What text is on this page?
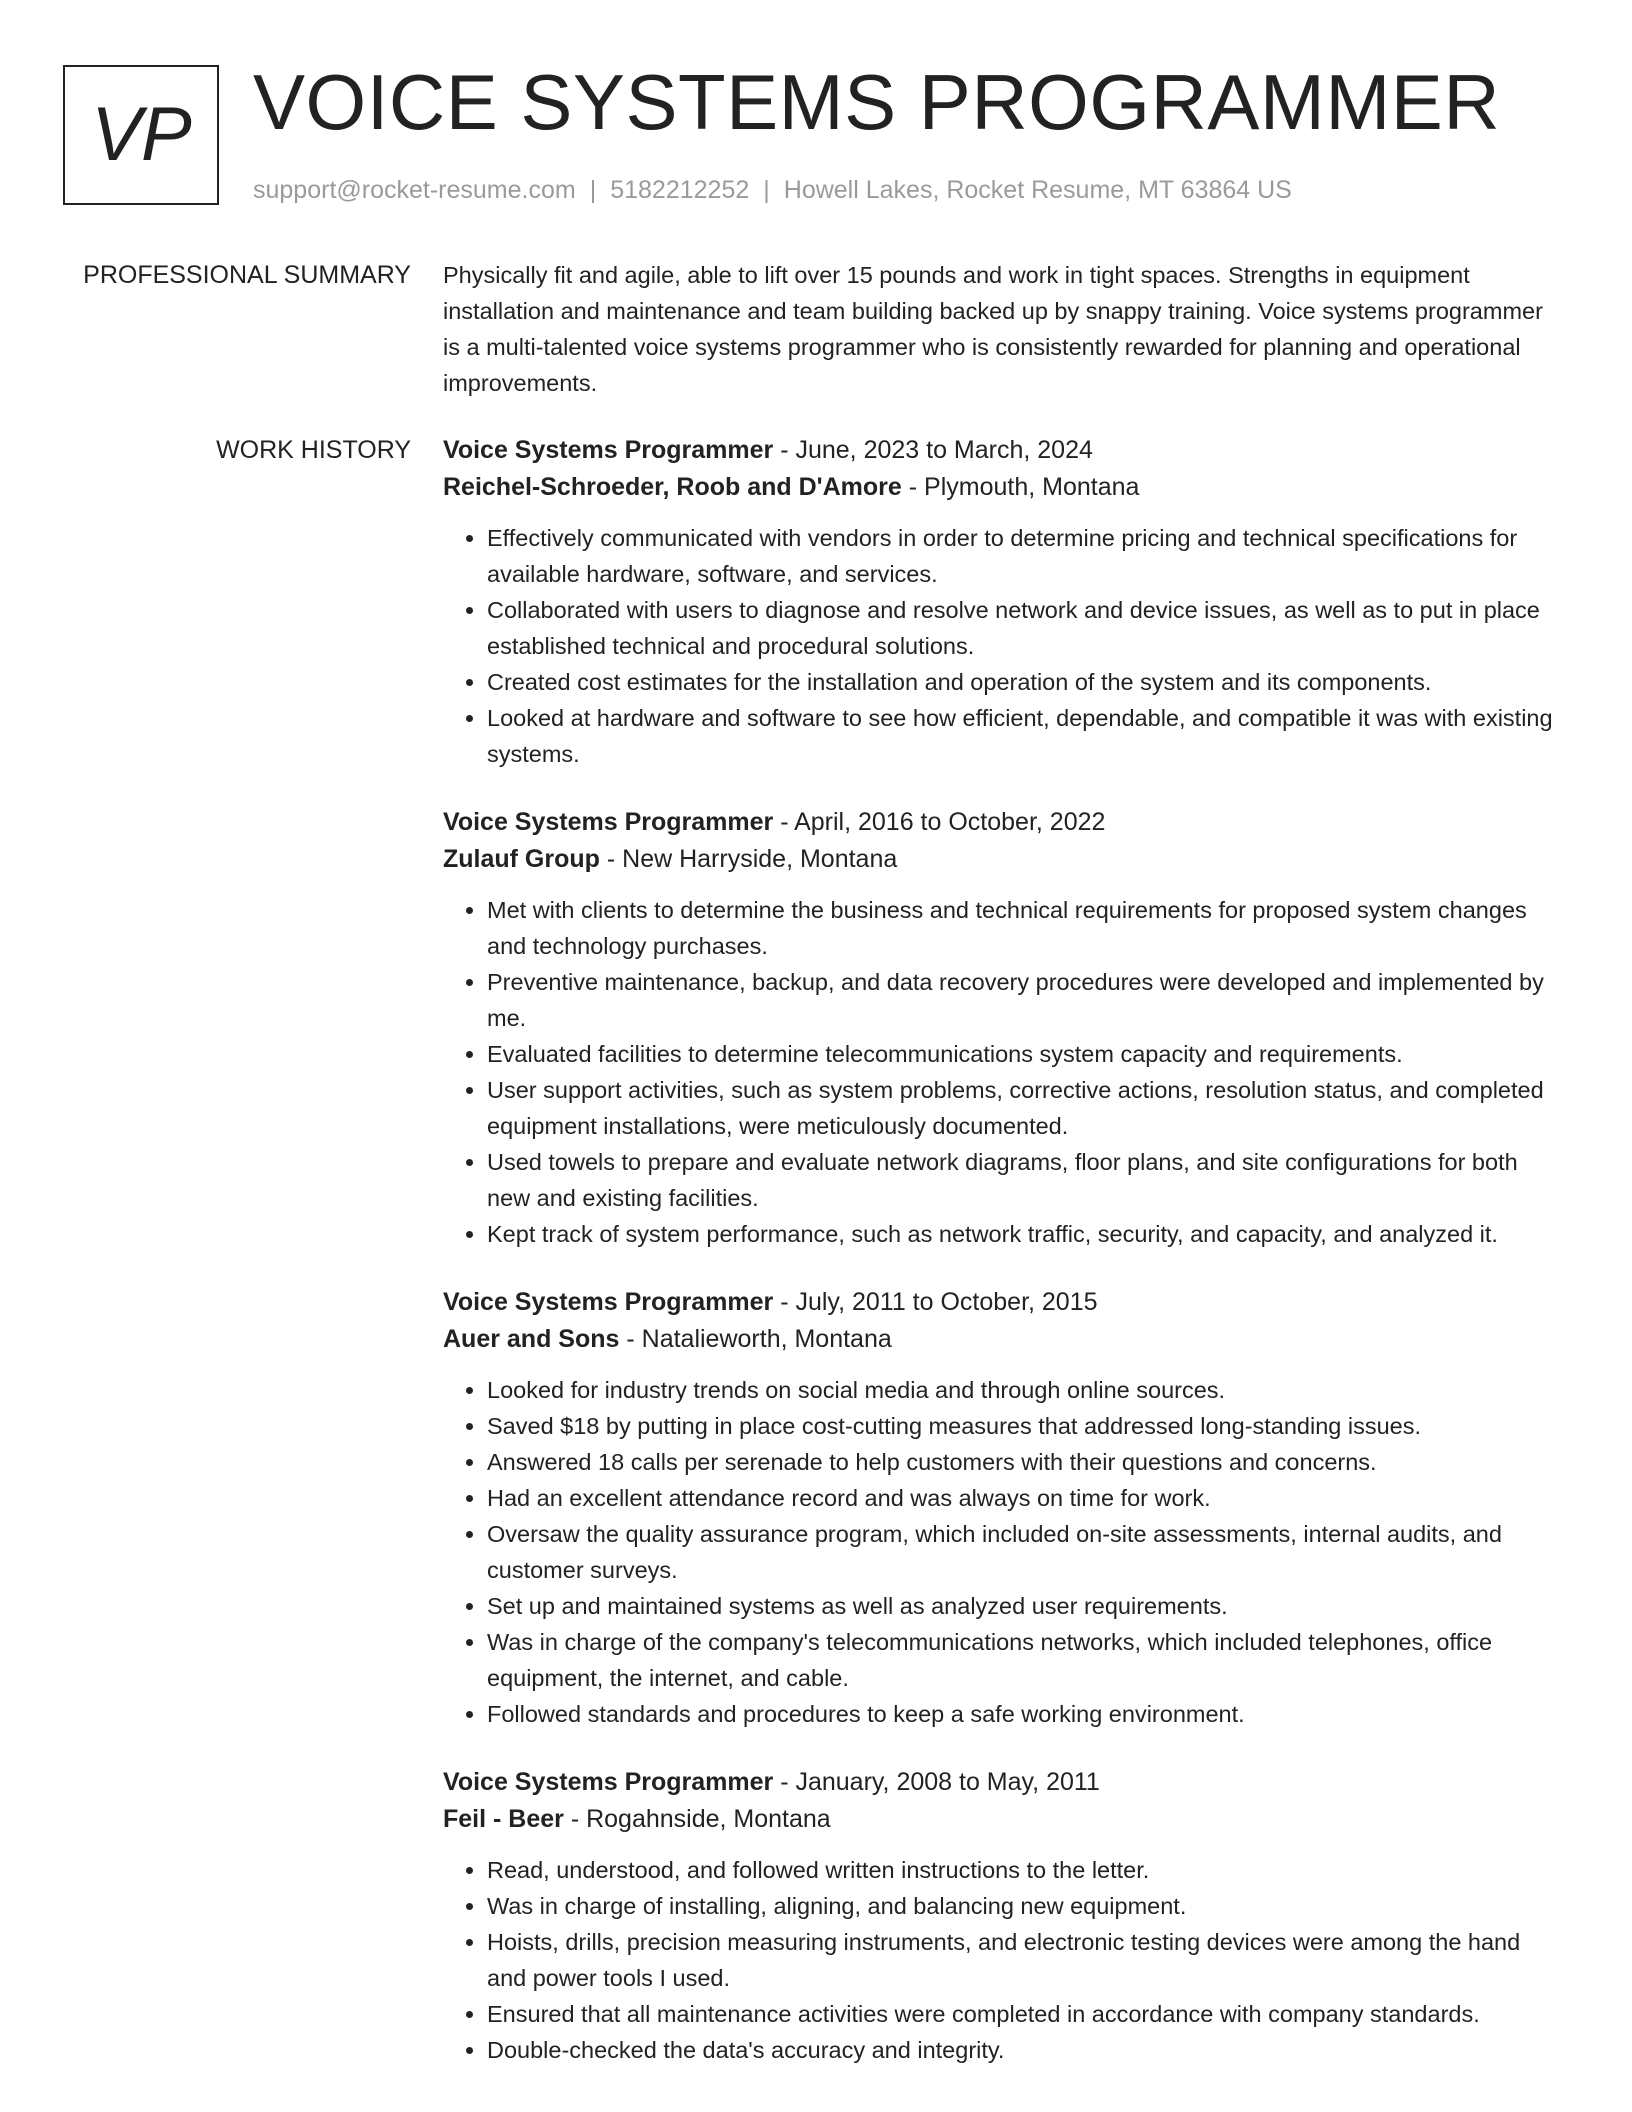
VP VOICE SYSTEMS PROGRAMMER
support@rocket-resume.com | 5182212252 | Howell Lakes, Rocket Resume, MT 63864 US
PROFESSIONAL SUMMARY Physically fit and agile, able to lift over 15 pounds and work in tight spaces. Strengths in equipment installation and maintenance and team building backed up by snappy training. Voice systems programmer is a multi-talented voice systems programmer who is consistently rewarded for planning and operational improvements.

WORK HISTORY Voice Systems Programmer - June, 2023 to March, 2024
Reichel-Schroeder, Roob and D'Amore - Plymouth, Montana
• Effectively communicated with vendors in order to determine pricing and technical specifications for available hardware, software, and services.
• Collaborated with users to diagnose and resolve network and device issues, as well as to put in place established technical and procedural solutions.
• Created cost estimates for the installation and operation of the system and its components.
• Looked at hardware and software to see how efficient, dependable, and compatible it was with existing systems.
Voice Systems Programmer - April, 2016 to October, 2022
Zulauf Group - New Harryside, Montana
• Met with clients to determine the business and technical requirements for proposed system changes and technology purchases.
• Preventive maintenance, backup, and data recovery procedures were developed and implemented by me.
• Evaluated facilities to determine telecommunications system capacity and requirements.
• User support activities, such as system problems, corrective actions, resolution status, and completed equipment installations, were meticulously documented.
• Used towels to prepare and evaluate network diagrams, floor plans, and site configurations for both new and existing facilities.
• Kept track of system performance, such as network traffic, security, and capacity, and analyzed it.
Voice Systems Programmer - July, 2011 to October, 2015
Auer and Sons - Natalieworth, Montana
• Looked for industry trends on social media and through online sources.
• Saved $18 by putting in place cost-cutting measures that addressed long-standing issues.
• Answered 18 calls per serenade to help customers with their questions and concerns.
• Had an excellent attendance record and was always on time for work.
• Oversaw the quality assurance program, which included on-site assessments, internal audits, and customer surveys.
• Set up and maintained systems as well as analyzed user requirements.
• Was in charge of the company's telecommunications networks, which included telephones, office equipment, the internet, and cable.
• Followed standards and procedures to keep a safe working environment.
Voice Systems Programmer - January, 2008 to May, 2011
Feil - Beer - Rogahnside, Montana
• Read, understood, and followed written instructions to the letter.
• Was in charge of installing, aligning, and balancing new equipment.
• Hoists, drills, precision measuring instruments, and electronic testing devices were among the hand and power tools I used.
• Ensured that all maintenance activities were completed in accordance with company standards.
• Double-checked the data's accuracy and integrity.
